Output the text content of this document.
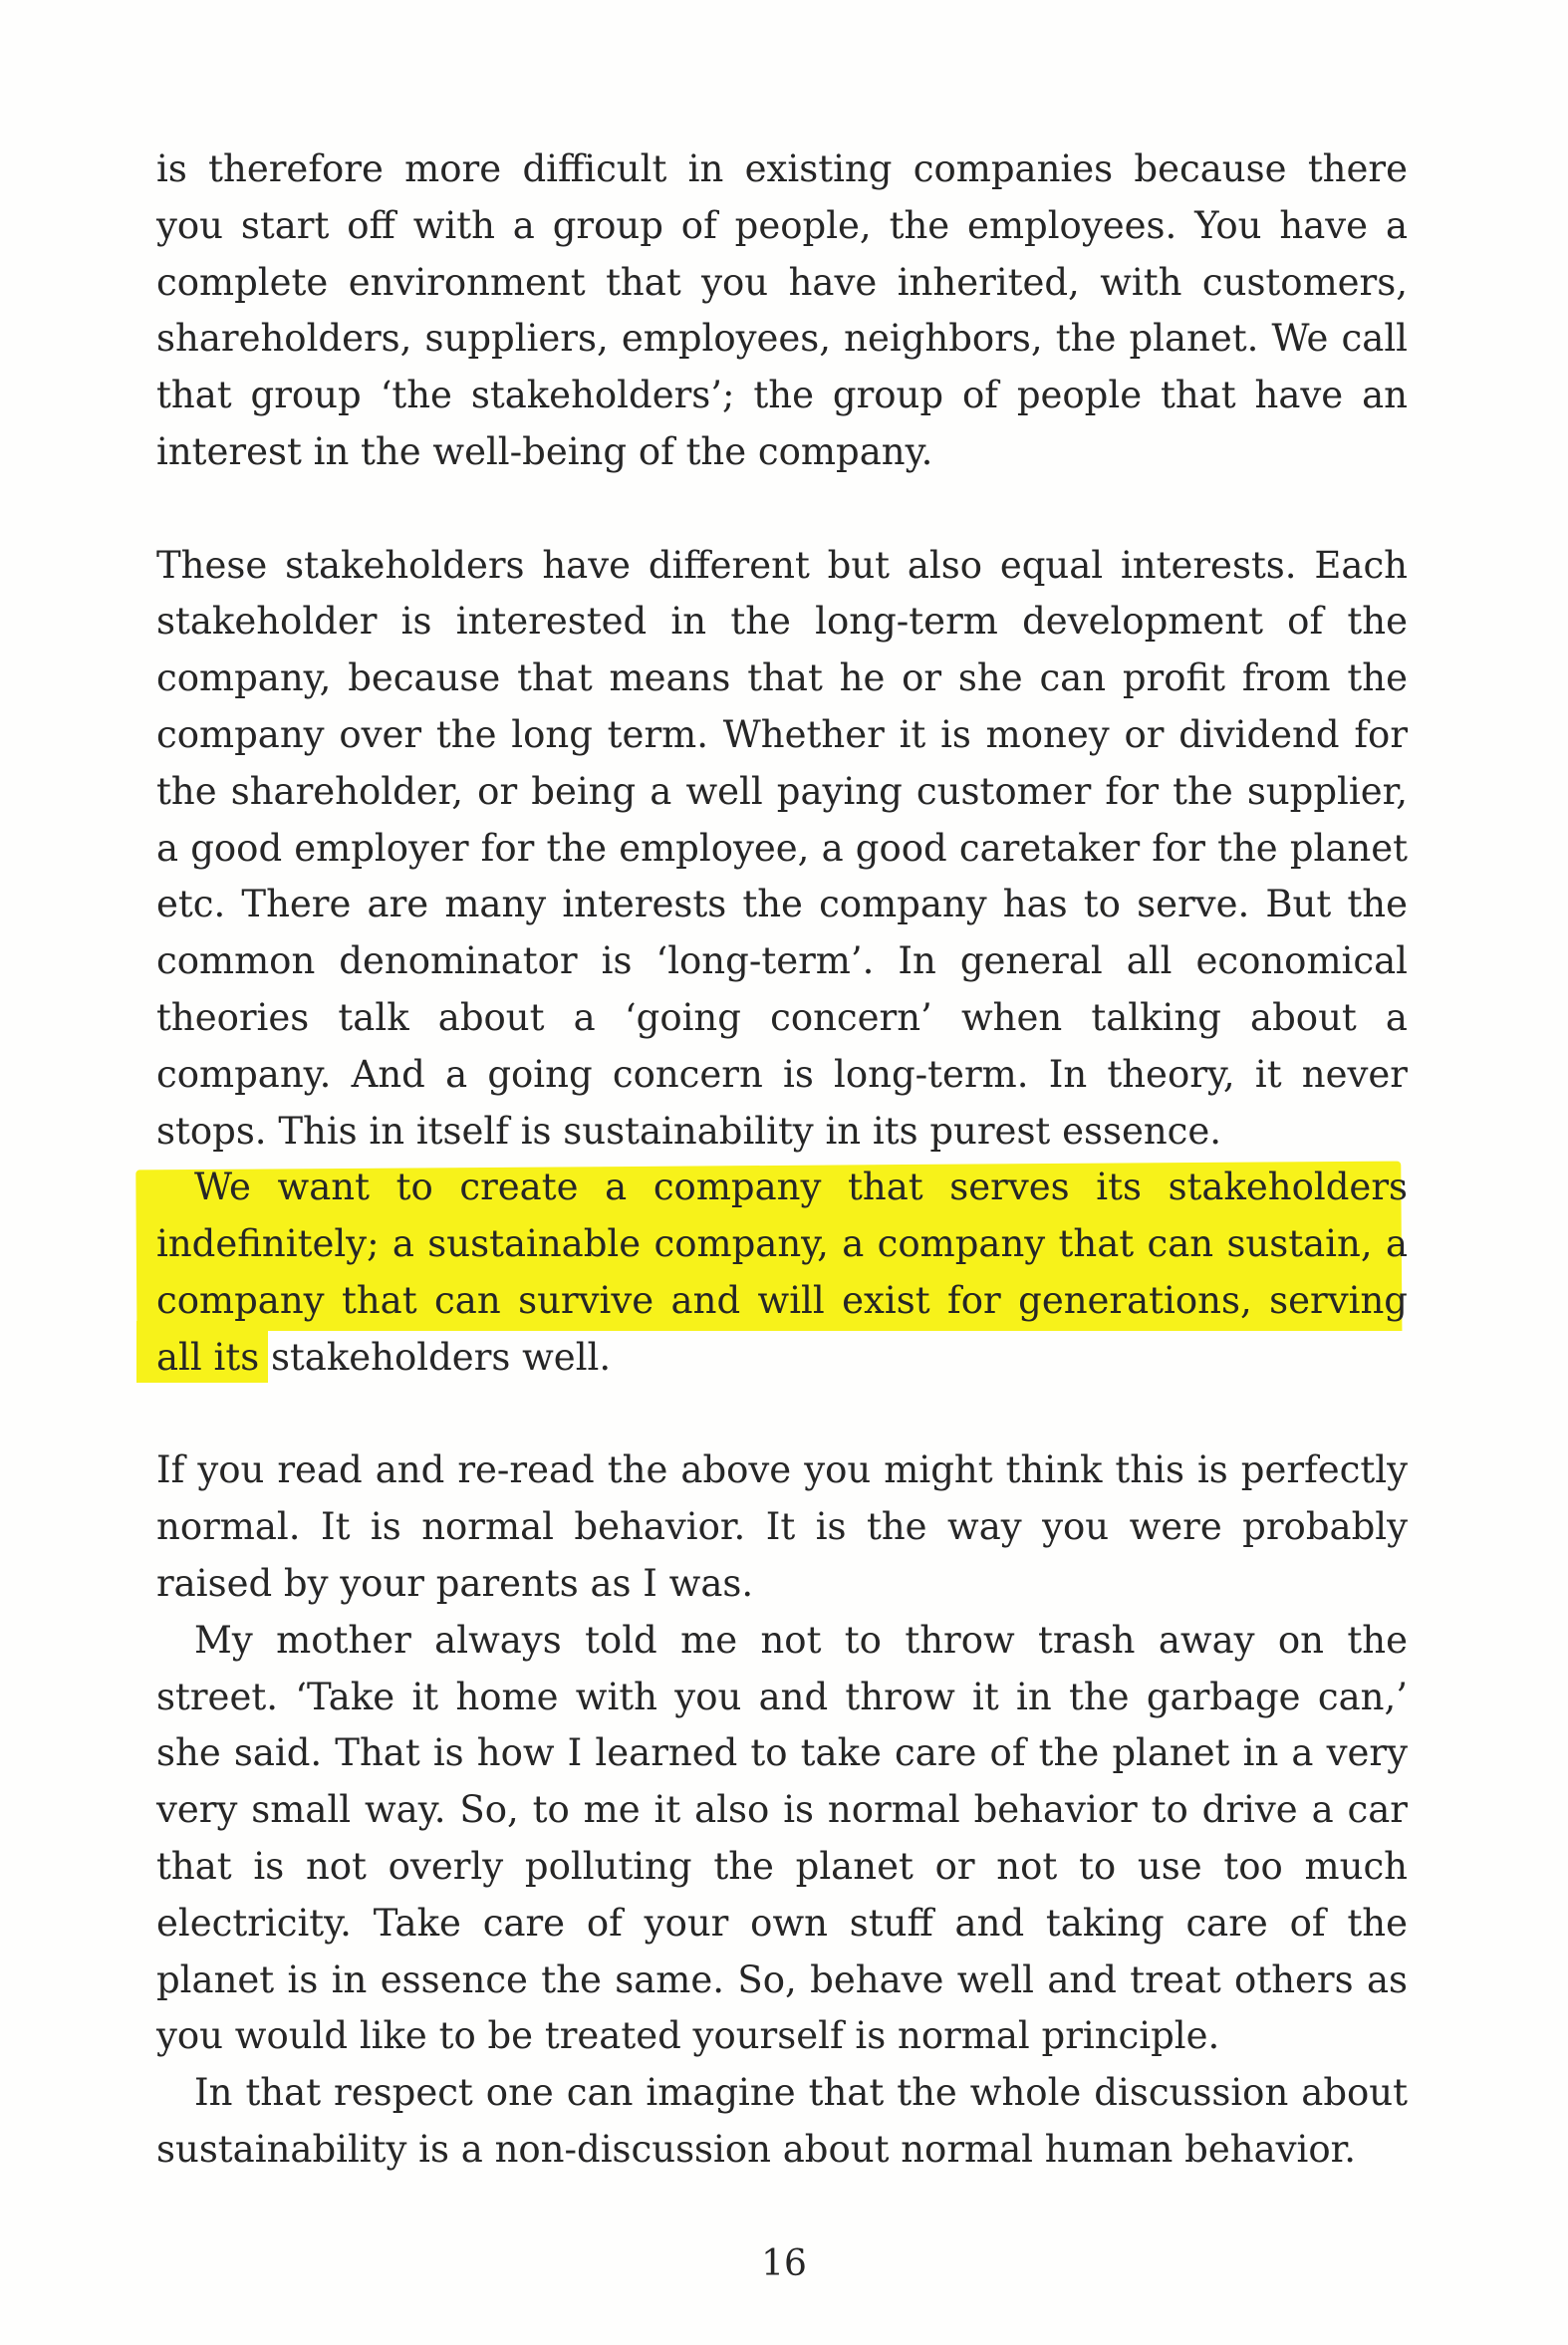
is therefore more difficult in existing companies because there you start off with a group of people, the employees. You have a complete environment that you have inherited, with customers, shareholders, suppliers, employees, neighbors, the planet. We call that group ‘the stakeholders’; the group of people that have an interest in the well-being of the company.

These stakeholders have different but also equal interests. Each stakeholder is interested in the long-term development of the company, because that means that he or she can profit from the company over the long term. Whether it is money or dividend for the shareholder, or being a well paying customer for the supplier, a good employer for the employee, a good caretaker for the planet etc. There are many interests the company has to serve. But the common denominator is ‘long-term’. In general all economical theories talk about a ‘going concern’ when talking about a company. And a going concern is long-term. In theory, it never stops. This in itself is sustainability in its purest essence.

We want to create a company that serves its stakeholders indefinitely; a sustainable company, a company that can sustain, a company that can survive and will exist for generations, serving all its stakeholders well.

If you read and re-read the above you might think this is perfectly normal. It is normal behavior. It is the way you were probably raised by your parents as I was.

My mother always told me not to throw trash away on the street. ‘Take it home with you and throw it in the garbage can,’ she said. That is how I learned to take care of the planet in a very very small way. So, to me it also is normal behavior to drive a car that is not overly polluting the planet or not to use too much electricity. Take care of your own stuff and taking care of the planet is in essence the same. So, behave well and treat others as you would like to be treated yourself is normal principle.

In that respect one can imagine that the whole discussion about sustainability is a non-discussion about normal human behavior.

16
